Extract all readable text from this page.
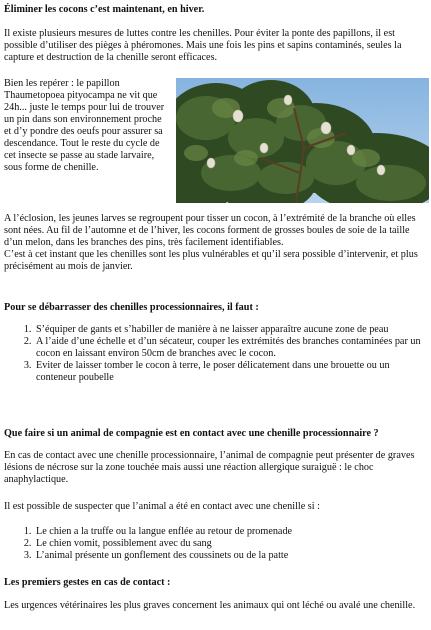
Éliminer les cocons c’est maintenant, en hiver.

Il existe plusieurs mesures de luttes contre les chenilles. Pour éviter la ponte des papillons, il est possible d’utiliser des pièges à phéromones. Mais une fois les pins et sapins contaminés, seules la capture et destruction de la chenille seront efficaces.

Bien les repérer : le papillon Thaumetopoea pityocampa ne vit que 24h... juste le temps pour lui de trouver un pin dans son environnement proche et d’y pondre des oeufs pour assurer sa descendance. Tout le reste du cycle de cet insecte se passe au stade larvaire, sous forme de chenille.

A l’éclosion, les jeunes larves se regroupent pour tisser un cocon, à l’extrémité de la branche où elles sont nées. Au fil de l’automne et de l’hiver, les cocons forment de grosses boules de soie de la taille d’un melon, dans les branches des pins, très facilement identifiables.

C’est à cet instant que les chenilles sont les plus vulnérables et qu’il sera possible d’intervenir, et plus précisément au mois de janvier.

Pour se débarrasser des chenilles processionnaires, il faut :

1. S’équiper de gants et s’habiller de manière à ne laisser apparaître aucune zone de peau
2. A l’aide d’une échelle et d’un sécateur, couper les extrémités des branches contaminées par un cocon en laissant environ 50cm de branches avec le cocon.
3. Eviter de laisser tomber le cocon à terre, le poser délicatement dans une brouette ou un conteneur poubelle

Que faire si un animal de compagnie est en contact avec une chenille processionnaire ?

En cas de contact avec une chenille processionnaire, l’animal de compagnie peut présenter de graves lésions de nécrose sur la zone touchée mais aussi une réaction allergique suraiguë : le choc anaphylactique.

Il est possible de suspecter que l’animal a été en contact avec une chenille si :

1. Le chien a la truffe ou la langue enflée au retour de promenade
2. Le chien vomit, possiblement avec du sang
3. L’animal présente un gonflement des coussinets ou de la patte

Les premiers gestes en cas de contact :

Les urgences vétérinaires les plus graves concernent les animaux qui ont léché ou avalé une chenille.
